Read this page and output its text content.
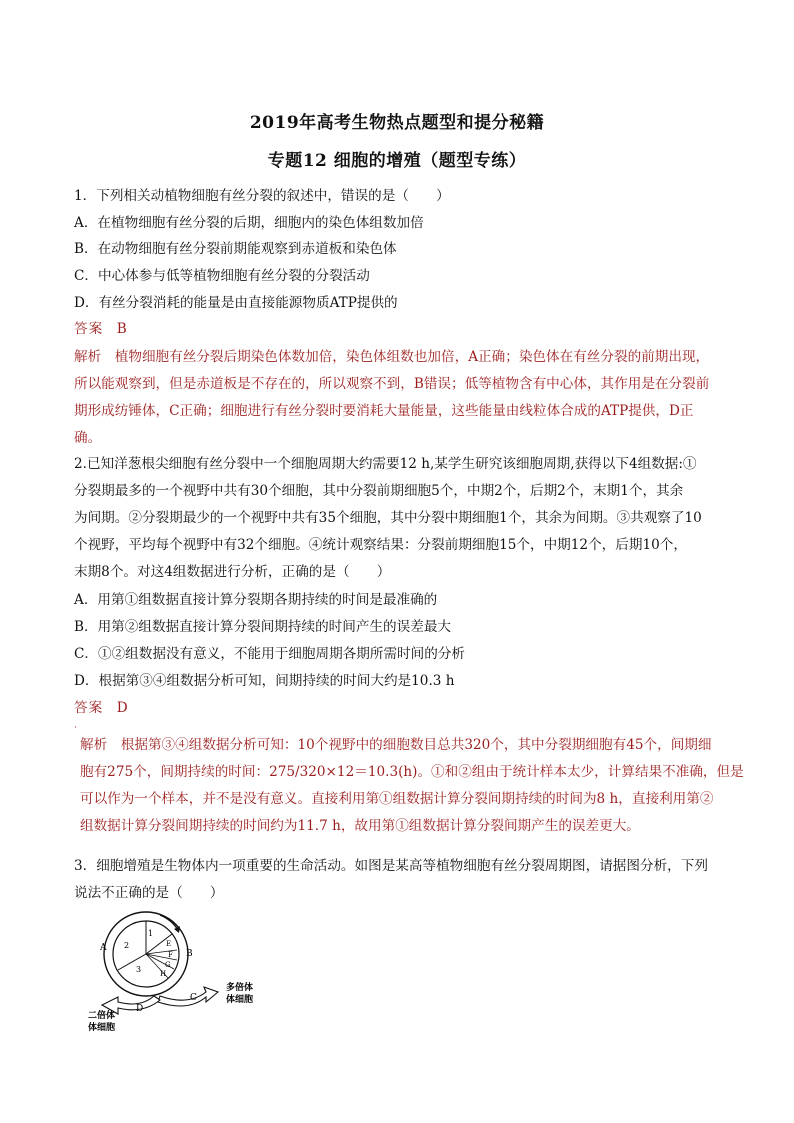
2019年高考生物热点题型和提分秘籍
专题12 细胞的增殖（题型专练）
1．下列相关动植物细胞有丝分裂的叙述中，错误的是（　　）
A．在植物细胞有丝分裂的后期，细胞内的染色体组数加倍
B．在动物细胞有丝分裂前期能观察到赤道板和染色体
C．中心体参与低等植物细胞有丝分裂的分裂活动
D．有丝分裂消耗的能量是由直接能源物质ATP提供的
答案　 B
解析　植物细胞有丝分裂后期染色体数加倍，染色体组数也加倍，A正确；染色体在有丝分裂的前期出现，
所以能观察到，但是赤道板是不存在的，所以观察不到，B错误；低等植物含有中心体，其作用是在分裂前
期形成纺锤体，C正确；细胞进行有丝分裂时要消耗大量能量，这些能量由线粒体合成的ATP提供，D正
确。
2.已知洋葱根尖细胞有丝分裂中一个细胞周期大约需要12 h,某学生研究该细胞周期,获得以下4组数据:①
分裂期最多的一个视野中共有30个细胞，其中分裂前期细胞5个，中期2个，后期2个，末期1个，其余
为间期。②分裂期最少的一个视野中共有35个细胞，其中分裂中期细胞1个，其余为间期。③共观察了10
个视野，平均每个视野中有32个细胞。④统计观察结果：分裂前期细胞15个，中期12个，后期10个，
末期8个。对这4组数据进行分析，正确的是（　　）
A．用第①组数据直接计算分裂期各期持续的时间是最准确的
B．用第②组数据直接计算分裂间期持续的时间产生的误差最大
C．①②组数据没有意义，不能用于细胞周期各期所需时间的分析
D．根据第③④组数据分析可知，间期持续的时间大约是10.3 h
答案　 D
·
解析　根据第③④组数据分析可知：10个视野中的细胞数目总共320个，其中分裂期细胞有45个，间期细
胞有275个，间期持续的时间：275/320×12＝10.3(h)。①和②组由于统计样本太少，计算结果不准确，但是
可以作为一个样本，并不是没有意义。直接利用第①组数据计算分裂间期持续的时间为8 h，直接利用第②
组数据计算分裂间期持续的时间约为11.7 h，故用第①组数据计算分裂间期产生的误差更大。
3．细胞增殖是生物体内一项重要的生命活动。如图是某高等植物细胞有丝分裂周期图，请据图分析，下列
说法不正确的是（　　）
A
B
C
D
1
2
3
E
F
G
H
二倍体
体细胞
多倍体
体细胞
